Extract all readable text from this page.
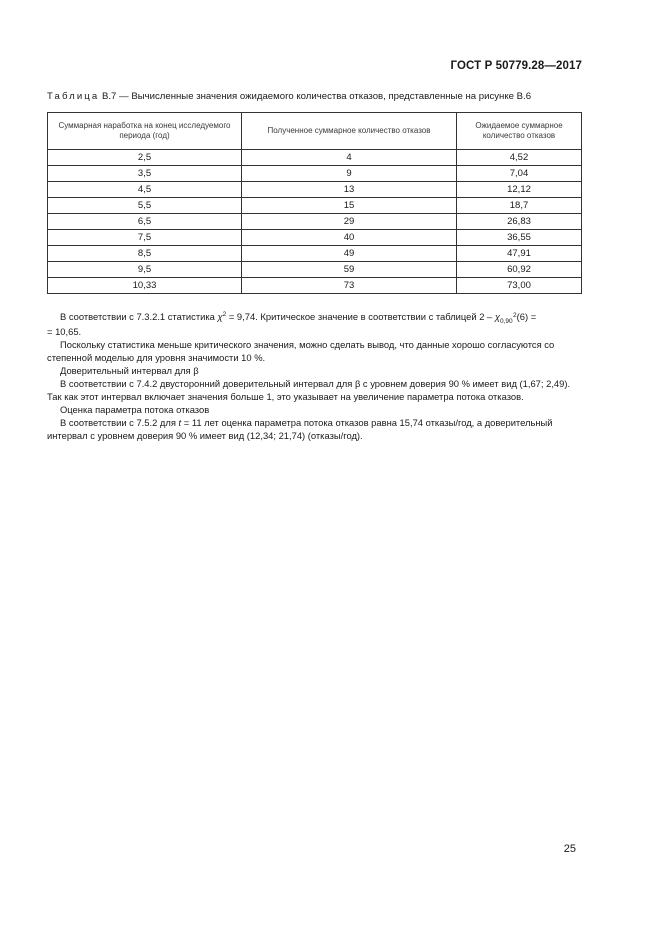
ГОСТ Р 50779.28—2017
Таблица B.7 — Вычисленные значения ожидаемого количества отказов, представленные на рисунке B.6
Суммарная наработка на конец исследуемого периода (год)	Полученное суммарное количество отказов	Ожидаемое суммарное количество отказов
2,5	4	4,52
3,5	9	7,04
4,5	13	12,12
5,5	15	18,7
6,5	29	26,83
7,5	40	36,55
8,5	49	47,91
9,5	59	60,92
10,33	73	73,00

В соответствии с 7.3.2.1 статистика $\chi^2 = 9,74$. Критическое значение в соответствии с таблицей 2 – χ 2
0,90 (6) =

= 10,65.

Поскольку статистика меньше критического значения, можно сделать вывод, что данные хорошо согласуются со степенной моделью для уровня значимости 10 %.

Доверительный интервал для β

В соответствии с 7.4.2 двусторонний доверительный интервал для β с уровнем доверия 90 % имеет вид (1,67; 2,49). Так как этот интервал включает значения больше 1, это указывает на увеличение параметра потока отказов.

Оценка параметра потока отказов

В соответствии с 7.5.2 для t = 11 лет оценка параметра потока отказов равна 15,74 отказы/год, а доверительный интервал с уровнем доверия 90 % имеет вид (12,34; 21,74) (отказы/год).

25
